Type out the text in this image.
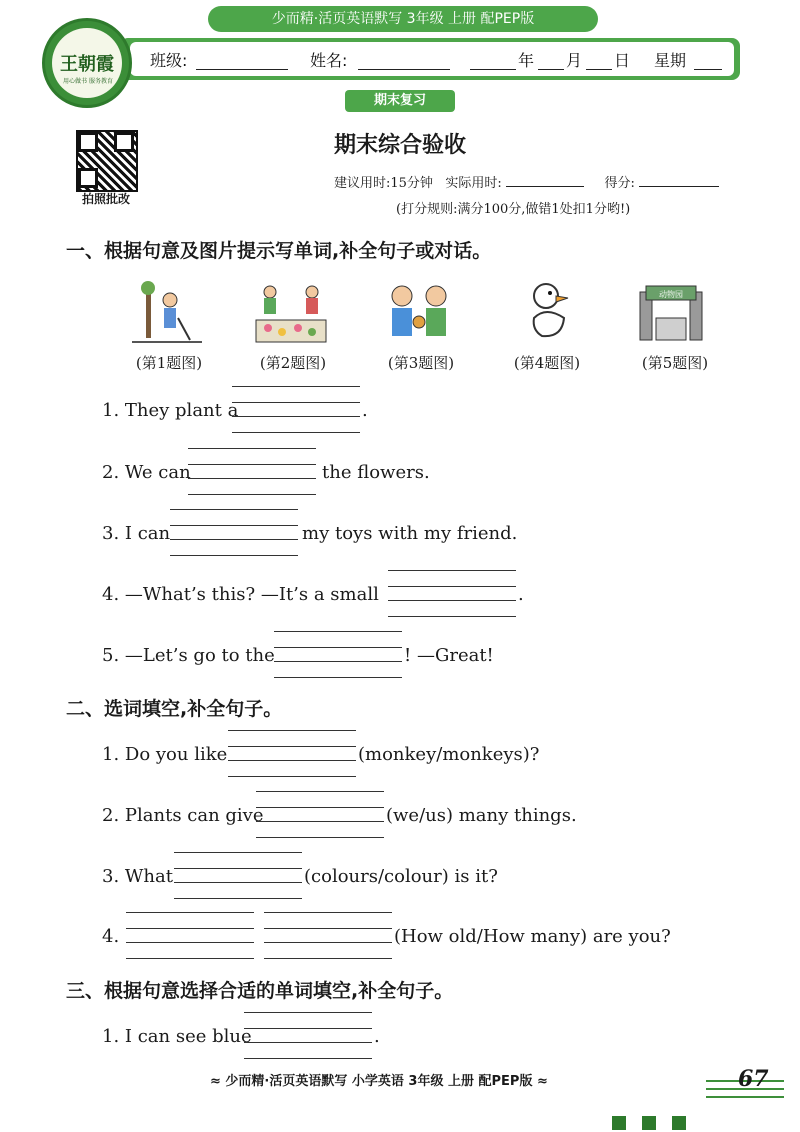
少而精·活页英语默写 3年级 上册 配PEP版
王朝霞
用心做书 服务教育
班级:	姓名:	年 月 日 星期
期末复习
拍照批改
期末综合验收
建议用时:15分钟 实际用时:	得分:
(打分规则:满分100分,做错1处扣1分哟!)
一、根据句意及图片提示写单词,补全句子或对话。
动物园
(第1题图)	(第2题图)	(第3题图)	(第4题图)	(第5题图)
1. They plant a	.
2. We can	the flowers.
3. I can	my toys with my friend.
4. —What’s this? —It’s a small	.
5. —Let’s go to the	! —Great!
二、选词填空,补全句子。
1. Do you like	(monkey/monkeys)?
2. Plants can give	(we/us) many things.
3. What	(colours/colour) is it?
4.	(How old/How many) are you?
三、根据句意选择合适的单词填空,补全句子。
1. I can see blue	.
≈ 少而精·活页英语默写 小学英语 3年级 上册 配PEP版 ≈	67
